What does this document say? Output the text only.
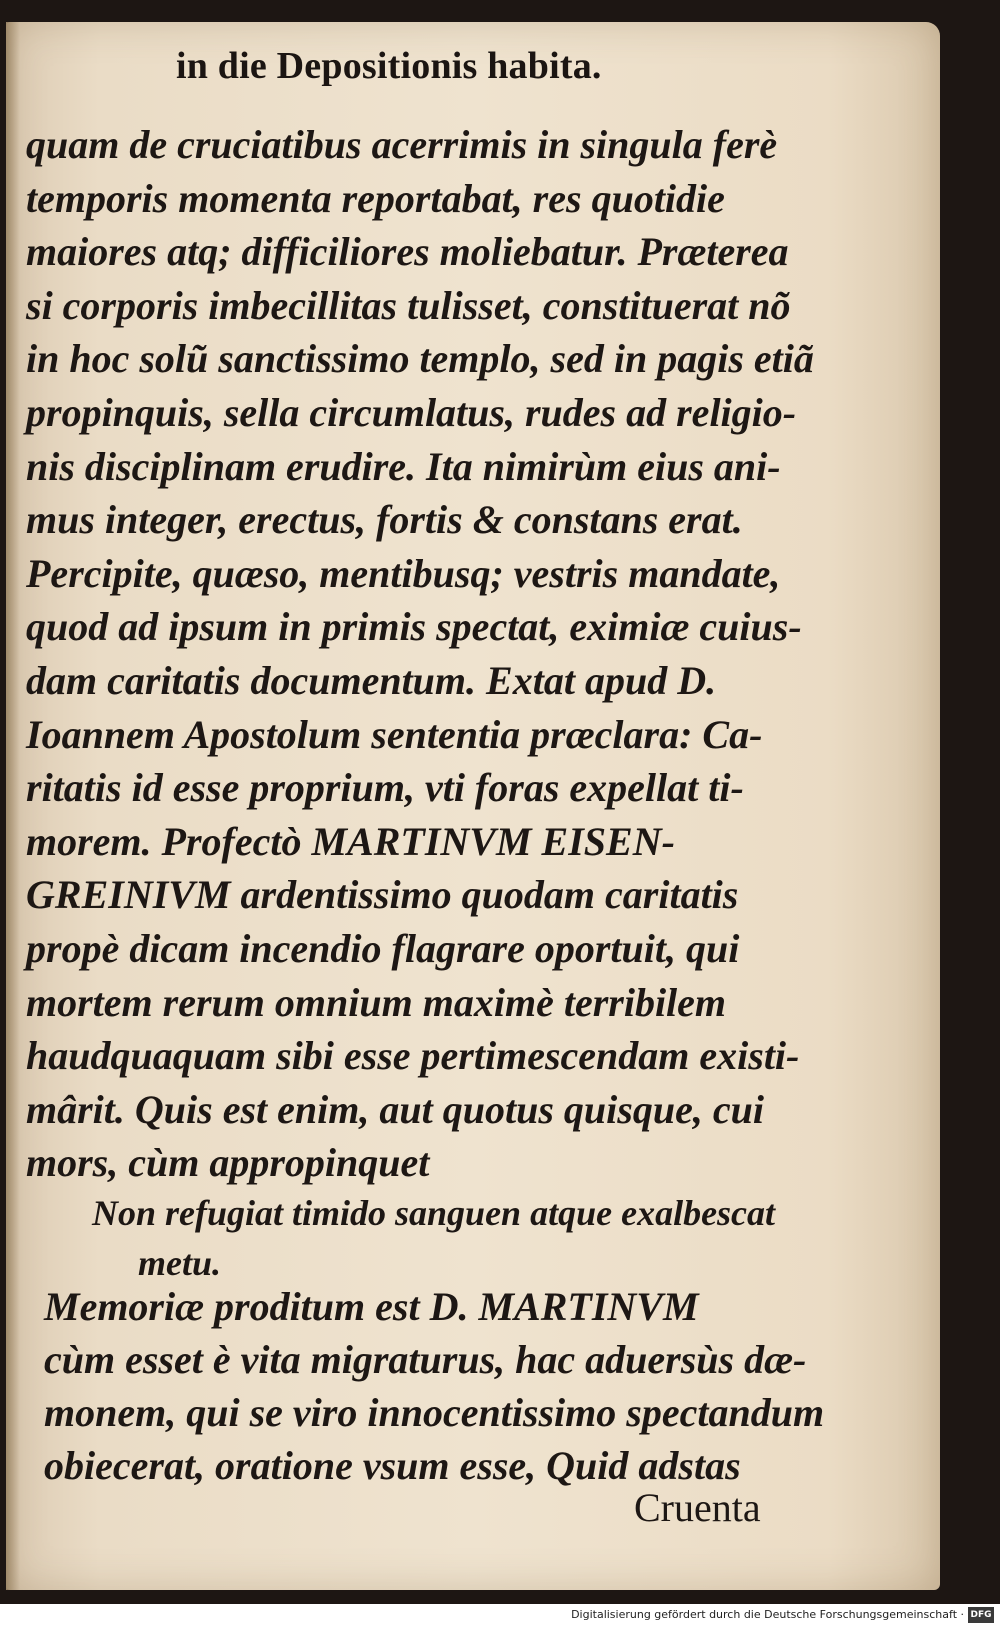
in die Depositionis habita.
quam de cruciatibus acerrimis in singula ferè
temporis momenta reportabat, res quotidie
maiores atq; difficiliores moliebatur. Præterea
si corporis imbecillitas tulisset, constituerat nõ
in hoc solũ sanctissimo templo, sed in pagis etiã
propinquis, sella circumlatus, rudes ad religio-
nis disciplinam erudire. Ita nimirùm eius ani-
mus integer, erectus, fortis & constans erat.
Percipite, quæso, mentibusq; vestris mandate,
quod ad ipsum in primis spectat, eximiæ cuius-
dam caritatis documentum. Extat apud D.
Ioannem Apostolum sententia præclara: Ca-
ritatis id esse proprium, vti foras expellat ti-
morem. Profectò MARTINVM EISEN-
GREINIVM ardentissimo quodam caritatis
propè dicam incendio flagrare oportuit, qui
mortem rerum omnium maximè terribilem
haudquaquam sibi esse pertimescendam existi-
mârit. Quis est enim, aut quotus quisque, cui
mors, cùm appropinquet
Non refugiat timido sanguen atque exalbescat
metu.
Memoriæ proditum est D. MARTINVM
cùm esset è vita migraturus, hac aduersùs dæ-
monem, qui se viro innocentissimo spectandum
obiecerat, oratione vsum esse, Quid adstas
Cruenta
Digitalisierung gefördert durch die Deutsche Forschungsgemeinschaft · DFG
